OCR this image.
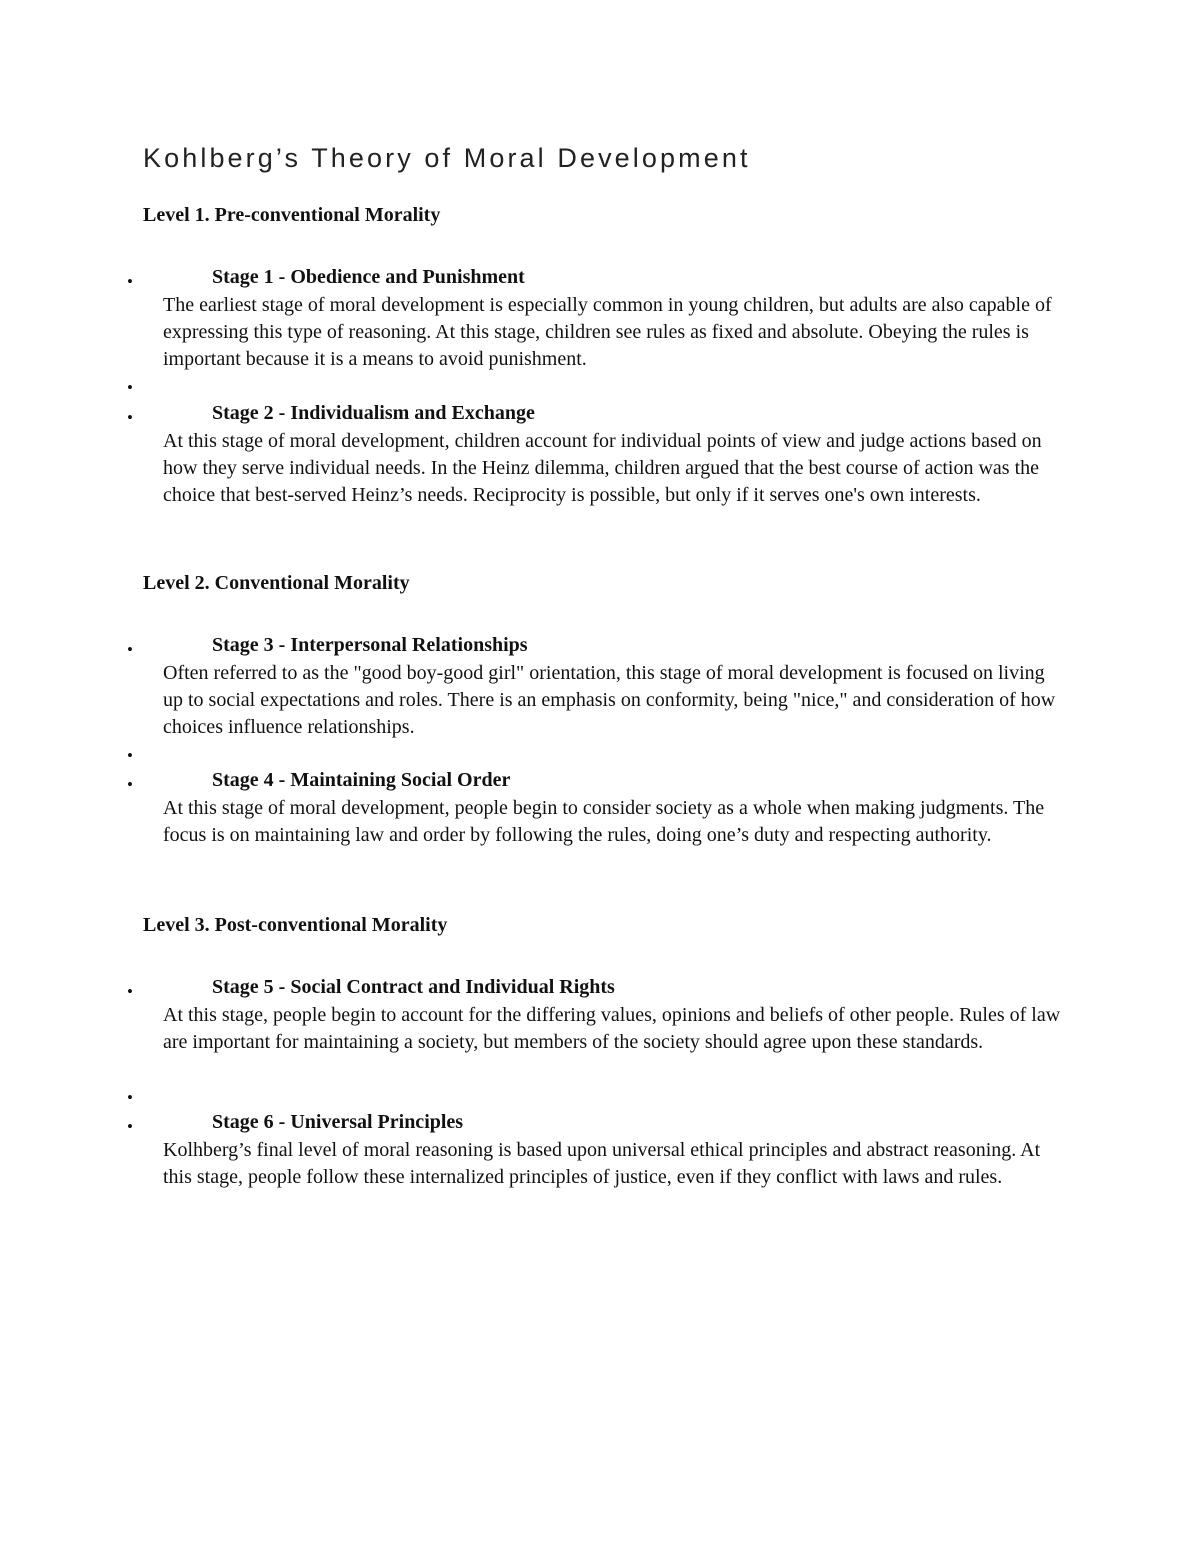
Kohlberg’s Theory of Moral Development
Level 1. Pre-conventional Morality
•	Stage 1 - Obedience and Punishment

The earliest stage of moral development is especially common in young children, but adults are also capable of expressing this type of reasoning. At this stage, children see rules as fixed and absolute. Obeying the rules is important because it is a means to avoid punishment.

•
•	Stage 2 - Individualism and Exchange

At this stage of moral development, children account for individual points of view and judge actions based on how they serve individual needs. In the Heinz dilemma, children argued that the best course of action was the choice that best-served Heinz’s needs. Reciprocity is possible, but only if it serves one's own interests.

Level 2. Conventional Morality
•	Stage 3 - Interpersonal Relationships

Often referred to as the "good boy-good girl" orientation, this stage of moral development is focused on living up to social expectations and roles. There is an emphasis on conformity, being "nice," and consideration of how choices influence relationships.

•
•	Stage 4 - Maintaining Social Order

At this stage of moral development, people begin to consider society as a whole when making judgments. The focus is on maintaining law and order by following the rules, doing one’s duty and respecting authority.

Level 3. Post-conventional Morality
•	Stage 5 - Social Contract and Individual Rights

At this stage, people begin to account for the differing values, opinions and beliefs of other people. Rules of law are important for maintaining a society, but members of the society should agree upon these standards.

•
•	Stage 6 - Universal Principles

Kolhberg’s final level of moral reasoning is based upon universal ethical principles and abstract reasoning. At this stage, people follow these internalized principles of justice, even if they conflict with laws and rules.
